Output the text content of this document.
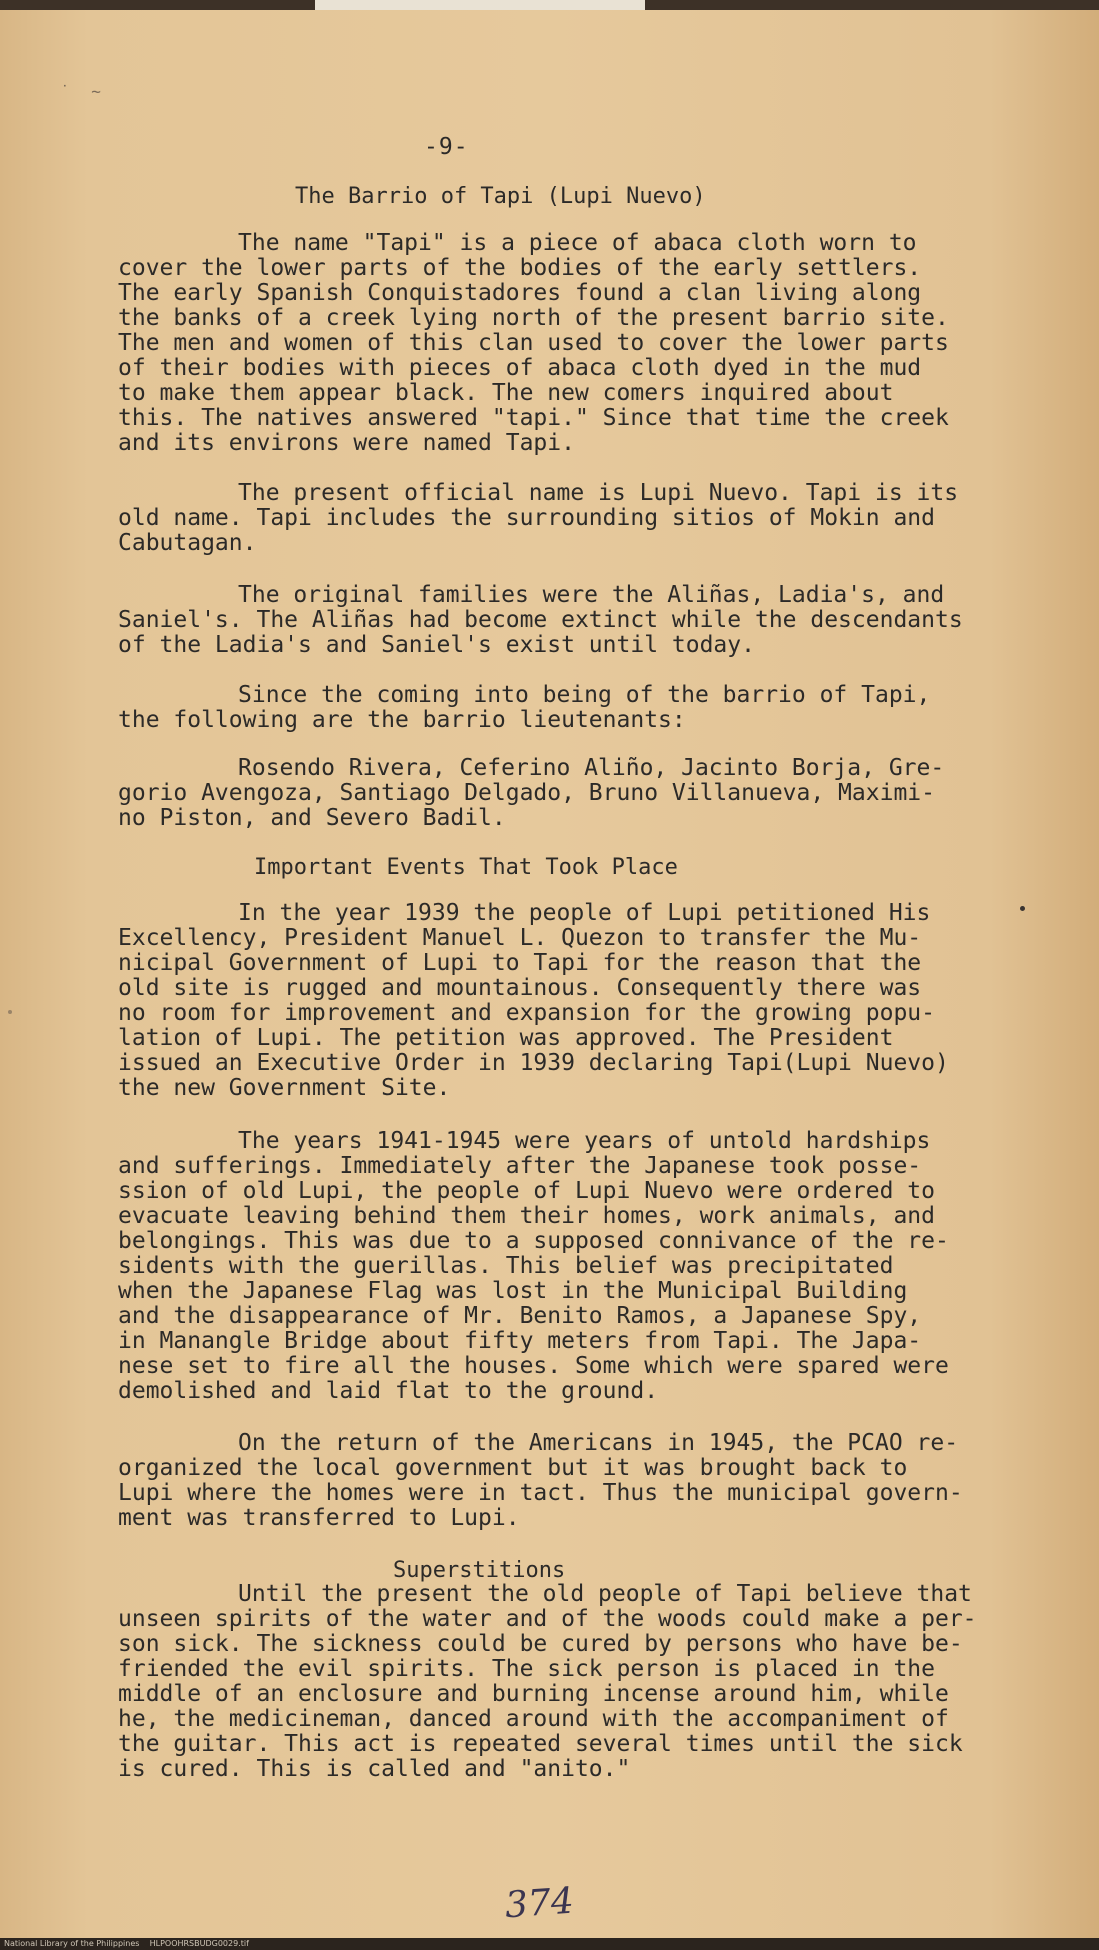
˙ ~
-9-
The Barrio of Tapi (Lupi Nuevo)
The name "Tapi" is a piece of abaca cloth worn to
cover the lower parts of the bodies of the early settlers.
The early Spanish Conquistadores found a clan living along
the banks of a creek lying north of the present barrio site.
The men and women of this clan used to cover the lower parts
of their bodies with pieces of abaca cloth dyed in the mud
to make them appear black. The new comers inquired about
this. The natives answered "tapi." Since that time the creek
and its environs were named Tapi.
The present official name is Lupi Nuevo. Tapi is its
old name. Tapi includes the surrounding sitios of Mokin and
Cabutagan.
The original families were the Aliñas, Ladia's, and
Saniel's. The Aliñas had become extinct while the descendants
of the Ladia's and Saniel's exist until today.
Since the coming into being of the barrio of Tapi,
the following are the barrio lieutenants:
Rosendo Rivera, Ceferino Aliño, Jacinto Borja, Gre-
gorio Avengoza, Santiago Delgado, Bruno Villanueva, Maximi-
no Piston, and Severo Badil.
Important Events That Took Place
In the year 1939 the people of Lupi petitioned His
Excellency, President Manuel L. Quezon to transfer the Mu-
nicipal Government of Lupi to Tapi for the reason that the
old site is rugged and mountainous. Consequently there was
no room for improvement and expansion for the growing popu-
lation of Lupi. The petition was approved. The President
issued an Executive Order in 1939 declaring Tapi(Lupi Nuevo)
the new Government Site.
The years 1941-1945 were years of untold hardships
and sufferings. Immediately after the Japanese took posse-
ssion of old Lupi, the people of Lupi Nuevo were ordered to
evacuate leaving behind them their homes, work animals, and
belongings. This was due to a supposed connivance of the re-
sidents with the guerillas. This belief was precipitated
when the Japanese Flag was lost in the Municipal Building
and the disappearance of Mr. Benito Ramos, a Japanese Spy,
in Manangle Bridge about fifty meters from Tapi. The Japa-
nese set to fire all the houses. Some which were spared were
demolished and laid flat to the ground.
On the return of the Americans in 1945, the PCAO re-
organized the local government but it was brought back to
Lupi where the homes were in tact. Thus the municipal govern-
ment was transferred to Lupi.
Superstitions
Until the present the old people of Tapi believe that
unseen spirits of the water and of the woods could make a per-
son sick. The sickness could be cured by persons who have be-
friended the evil spirits. The sick person is placed in the
middle of an enclosure and burning incense around him, while
he, the medicineman, danced around with the accompaniment of
the guitar. This act is repeated several times until the sick
is cured. This is called and "anito."
374
National Library of the Philippines    HLPOOHRSBUDG0029.tif
